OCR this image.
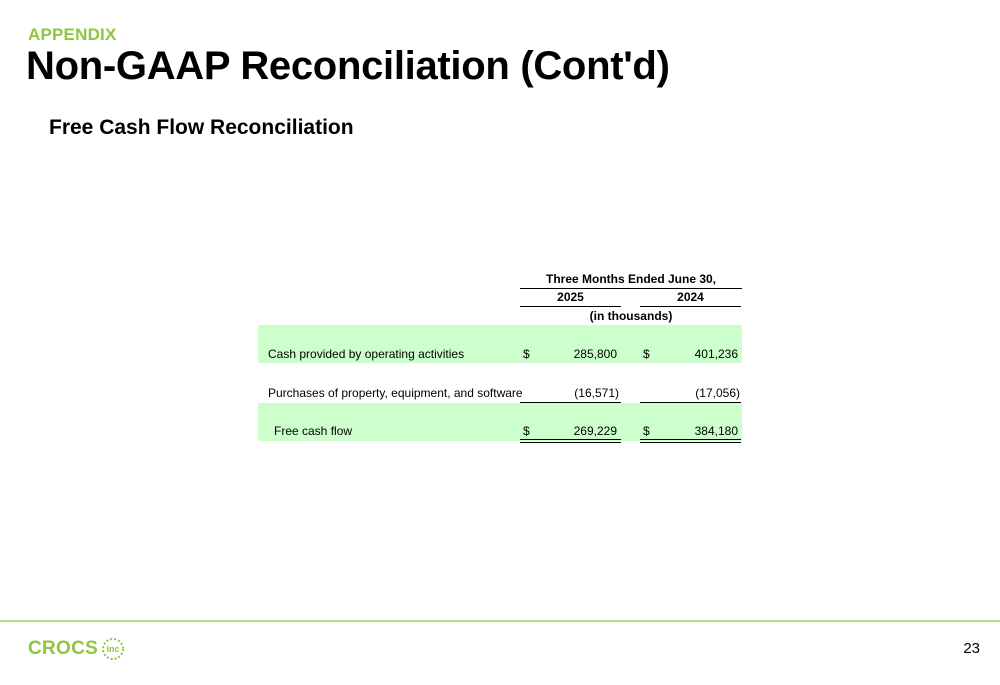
APPENDIX
Non-GAAP Reconciliation (Cont'd)
Free Cash Flow Reconciliation
Three Months Ended June 30,
2025	2024
(in thousands)
Cash provided by operating activities	$	285,800 $	401,236
Purchases of property, equipment, and software	(16,571)	(17,056)
Free cash flow	$	269,229 $	384,180
CROCS inc	23
